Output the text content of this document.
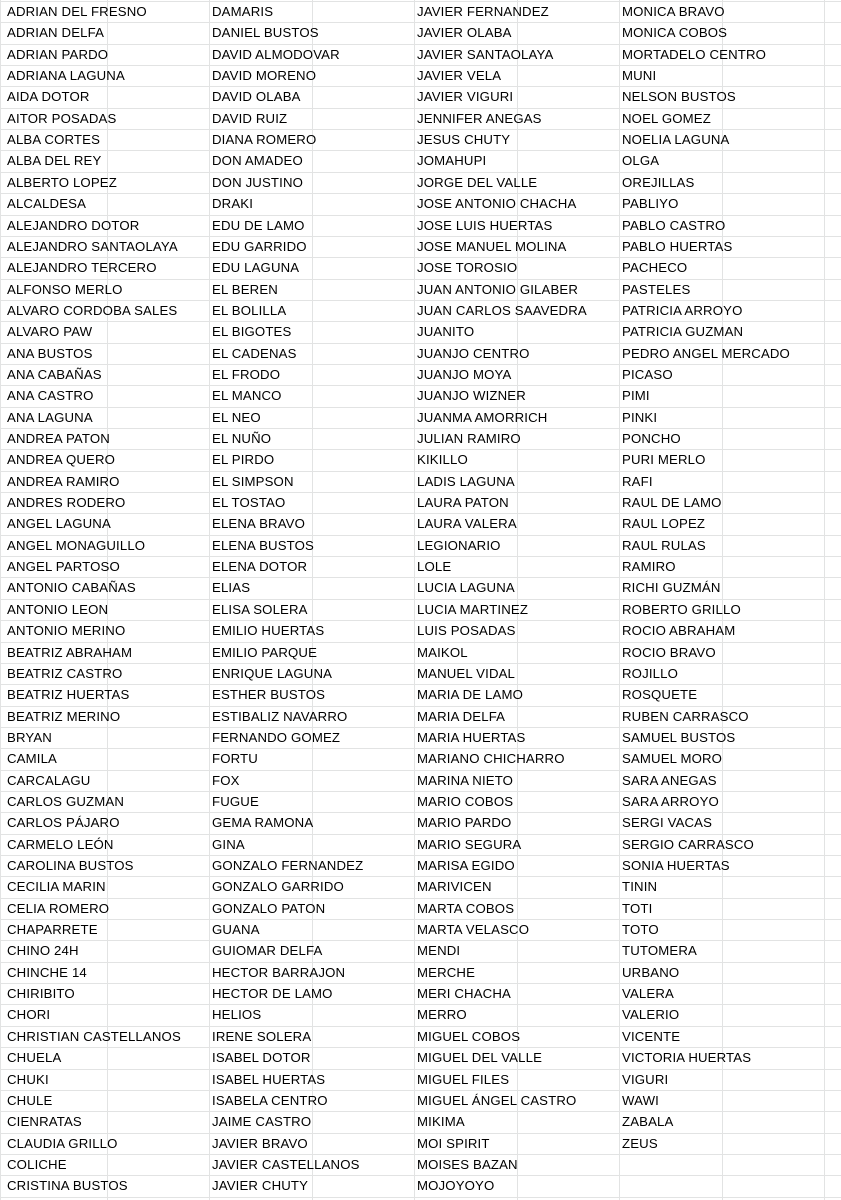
ADRIAN DEL FRESNO
ADRIAN DELFA
ADRIAN PARDO
ADRIANA LAGUNA
AIDA DOTOR
AITOR POSADAS
ALBA CORTES
ALBA DEL REY
ALBERTO LOPEZ
ALCALDESA
ALEJANDRO DOTOR
ALEJANDRO SANTAOLAYA
ALEJANDRO TERCERO
ALFONSO MERLO
ALVARO CORDOBA SALES
ALVARO PAW
ANA BUSTOS
ANA CABAÑAS
ANA CASTRO
ANA LAGUNA
ANDREA PATON
ANDREA QUERO
ANDREA RAMIRO
ANDRES RODERO
ANGEL LAGUNA
ANGEL MONAGUILLO
ANGEL PARTOSO
ANTONIO CABAÑAS
ANTONIO LEON
ANTONIO MERINO
BEATRIZ ABRAHAM
BEATRIZ CASTRO
BEATRIZ HUERTAS
BEATRIZ MERINO
BRYAN
CAMILA
CARCALAGU
CARLOS GUZMAN
CARLOS PÁJARO
CARMELO LEÓN
CAROLINA BUSTOS
CECILIA MARIN
CELIA ROMERO
CHAPARRETE
CHINO 24H
CHINCHE 14
CHIRIBITO
CHORI
CHRISTIAN CASTELLANOS
CHUELA
CHUKI
CHULE
CIENRATAS
CLAUDIA GRILLO
COLICHE
CRISTINA BUSTOS
DAMARIS
DANIEL BUSTOS
DAVID ALMODOVAR
DAVID MORENO
DAVID OLABA
DAVID RUIZ
DIANA ROMERO
DON AMADEO
DON JUSTINO
DRAKI
EDU DE LAMO
EDU GARRIDO
EDU LAGUNA
EL BEREN
EL BOLILLA
EL BIGOTES
EL CADENAS
EL FRODO
EL MANCO
EL NEO
EL NUÑO
EL PIRDO
EL SIMPSON
EL TOSTAO
ELENA BRAVO
ELENA BUSTOS
ELENA DOTOR
ELIAS
ELISA SOLERA
EMILIO HUERTAS
EMILIO PARQUE
ENRIQUE LAGUNA
ESTHER BUSTOS
ESTIBALIZ NAVARRO
FERNANDO GOMEZ
FORTU
FOX
FUGUE
GEMA RAMONA
GINA
GONZALO FERNANDEZ
GONZALO GARRIDO
GONZALO PATON
GUANA
GUIOMAR DELFA
HECTOR BARRAJON
HECTOR DE LAMO
HELIOS
IRENE SOLERA
ISABEL DOTOR
ISABEL HUERTAS
ISABELA CENTRO
JAIME CASTRO
JAVIER BRAVO
JAVIER CASTELLANOS
JAVIER CHUTY
JAVIER FERNANDEZ
JAVIER OLABA
JAVIER SANTAOLAYA
JAVIER VELA
JAVIER VIGURI
JENNIFER ANEGAS
JESUS CHUTY
JOMAHUPI
JORGE DEL VALLE
JOSE ANTONIO CHACHA
JOSE LUIS HUERTAS
JOSE MANUEL MOLINA
JOSE TOROSIO
JUAN ANTONIO GILABER
JUAN CARLOS SAAVEDRA
JUANITO
JUANJO CENTRO
JUANJO MOYA
JUANJO WIZNER
JUANMA AMORRICH
JULIAN RAMIRO
KIKILLO
LADIS LAGUNA
LAURA PATON
LAURA VALERA
LEGIONARIO
LOLE
LUCIA LAGUNA
LUCIA MARTINEZ
LUIS POSADAS
MAIKOL
MANUEL VIDAL
MARIA DE LAMO
MARIA DELFA
MARIA HUERTAS
MARIANO CHICHARRO
MARINA NIETO
MARIO COBOS
MARIO PARDO
MARIO SEGURA
MARISA EGIDO
MARIVICEN
MARTA COBOS
MARTA VELASCO
MENDI
MERCHE
MERI CHACHA
MERRO
MIGUEL COBOS
MIGUEL DEL VALLE
MIGUEL FILES
MIGUEL ÁNGEL CASTRO
MIKIMA
MOI SPIRIT
MOISES BAZAN
MOJOYOYO
MONICA BRAVO
MONICA COBOS
MORTADELO CENTRO
MUNI
NELSON BUSTOS
NOEL GOMEZ
NOELIA LAGUNA
OLGA
OREJILLAS
PABLIYO
PABLO CASTRO
PABLO HUERTAS
PACHECO
PASTELES
PATRICIA ARROYO
PATRICIA GUZMAN
PEDRO ANGEL MERCADO
PICASO
PIMI
PINKI
PONCHO
PURI MERLO
RAFI
RAUL DE LAMO
RAUL LOPEZ
RAUL RULAS
RAMIRO
RICHI GUZMÁN
ROBERTO GRILLO
ROCIO ABRAHAM
ROCIO BRAVO
ROJILLO
ROSQUETE
RUBEN CARRASCO
SAMUEL BUSTOS
SAMUEL MORO
SARA ANEGAS
SARA ARROYO
SERGI VACAS
SERGIO CARRASCO
SONIA HUERTAS
TININ
TOTI
TOTO
TUTOMERA
URBANO
VALERA
VALERIO
VICENTE
VICTORIA HUERTAS
VIGURI
WAWI
ZABALA
ZEUS
